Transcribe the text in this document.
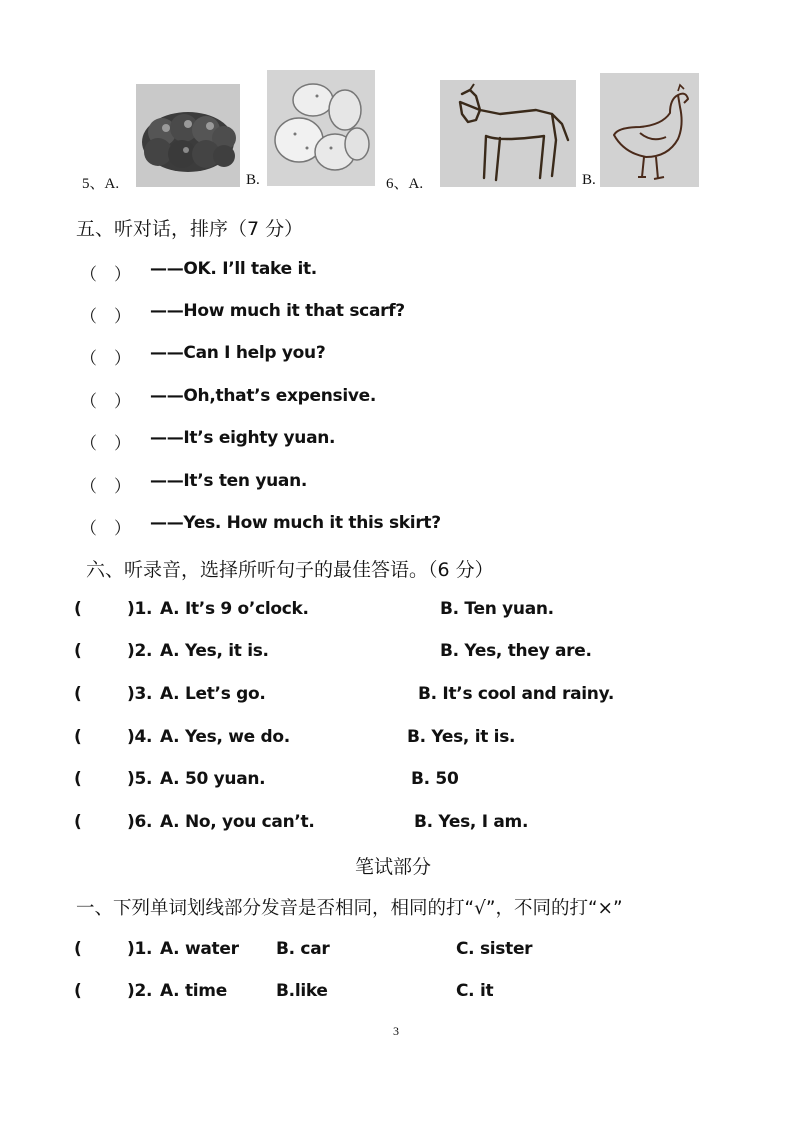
5、A.	B.	6、A.	B.
五、听对话，排序（7 分）
（　） ——OK. I’ll take it.
（　） ——How much it that scarf?
（　） ——Can I help you?
（　） ——Oh,that’s expensive.
（　） ——It’s eighty yuan.
（　） ——It’s ten yuan.
（　） ——Yes. How much it this skirt?
六、听录音，选择所听句子的最佳答语。（6 分）
(	)1. A. It’s 9 o’clock.	B. Ten yuan.
(	)2. A. Yes, it is.	B. Yes, they are.
(	)3. A. Let’s go.	B. It’s cool and rainy.
(	)4. A. Yes, we do.	B. Yes, it is.
(	)5. A. 50 yuan.	B. 50
(	)6. A. No, you can’t.	B. Yes, I am.
笔试部分
一、下列单词划线部分发音是否相同，相同的打“√”，不同的打“×”
(	)1. A. water B. car	C. sister
(	)2. A. time	B.like	C. it
3
